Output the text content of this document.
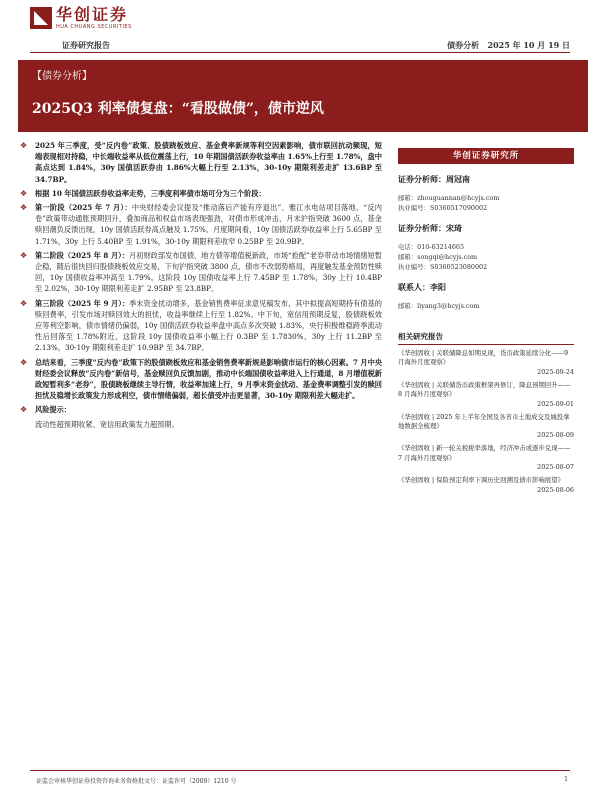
华创证券
HUA CHUANG SECURITIES
证券研究报告	债券分析 2025 年 10 月 19 日
【债券分析】
2025Q3 利率债复盘：“看股做债”，债市逆风
❖ 2025 年三季度，受“反内卷”政策、股债跷板效应、基金费率新规等利空因素影响，债市联回抗动频现，短端表现相对持稳，中长端收益率从低位震荡上行，10 年期国债活跃券收益率由 1.65%上行至 1.78%，盘中高点达到 1.84%，30y 国债活跃券由 1.86%大幅上行至 2.13%，30-10y 期限利差走扩 13.6BP 至 34.7BP。
❖ 根据 10 年国债活跃券收益率走势，三季度利率债市场可分为三个阶段：
❖ 第一阶段（2025 年 7 月）：中央财经委会议提及“推动落后产能有序退出”、雅江水电站项目落地、“反内卷”政策带动通胀预期回升，叠加商品和权益市场表现强劲，对债市形成冲击，月末沪指突破 3600 点，基金赎回潮负反馈出现，10y 国债活跃券高点触及 1.75%。月度期间看，10y 国债活跃券收益率上行 5.65BP 至 1.71%，30y 上行 5.40BP 至 1.91%，30-10y 期限利差收窄 0.25BP 至 20.9BP。
❖ 第二阶段（2025 年 8 月）：月初财政部发布国债、地方债等增值税新政，市场“抢配”老券带动市场情绪短暂企稳，随后很快回归股债跷板效应交易，下旬沪指突破 3800 点，债市不改弱势格局，再度触发基金预防性赎回，10y 国债收益率冲高至 1.79%。这阶段 10y 国债收益率上行 7.45BP 至 1.78%，30y 上行 10.4BP 至 2.02%，30-10y 期限利差走扩 2.95BP 至 23.8BP。
❖ 第三阶段（2025 年 9 月）：季末资金扰动增多，基金销售费率征求意见稿发布，其中拟提高短期持有债基的赎回费率，引发市场对赎回效大的担忧，收益率继续上行至 1.82%。中下旬，宽信用预期反复，股债跷板效应等利空影响，债市情绪仍偏弱，10y 国债活跃券收益率盘中高点多次突破 1.83%，央行积极维稳跨季流动性后回落至 1.78%附近，这阶段 10y 国债收益率小幅上行 0.3BP 至 1.7830%，30y 上行 11.2BP 至 2.13%，30-10y 期限利差走扩 10.9BP 至 34.7BP。
❖ 总结来看，三季度“反内卷”政策下的股债跷板效应和基金销售费率新规是影响债市运行的核心因素。7 月中央财经委会议释放“反内卷”新信号，基金赎回负反馈加剧，推动中长端国债收益率进入上行通道，8 月增值税新政短暂利多“老券”，股债跷板继续主导行情，收益率加速上行，9 月季末资金扰动、基金费率调整引发的赎回担忧及稳增长政策发力形成利空，债市情绪偏弱，超长债受冲击更显著，30-10y 期限利差大幅走扩。
❖ 风险提示：
流动性超预期收紧、宽信用政策发力超预期。
华创证券研究所
证券分析师：周冠南
邮箱：zhouguannan@hcyjs.com
执业编号：S0360517090002
证券分析师：宋琦
电话：010-63214665
邮箱：songqi@hcyjs.com
执业编号：S0360523080002
联系人：李阳
邮箱：liyang3@hcyjs.com
相关研究报告
《华创固收 | 关联储降息如期兑现，货币政策延续分化——9 月海外月度观察》
2025-09-24
《华创固收 | 关联储货币政策框架再修订，降息预期回升——8 月海外月度观察》
2025-09-01
《华创固收 | 2025 年上半年全国及各省市土地成交及城投拿地数据全梳理》
2025-08-09
《华创固收 | 新一轮关税税率落地，经济冲击或逐步兑现——7 月海外月度观察》
2025-08-07
《华创固收 | 保险预定利率下调历史回溯及债市影响展望》
2025-08-06
证监会审核华创证券投资咨询业务资格批文号：证监许可（2009）1210 号	1
